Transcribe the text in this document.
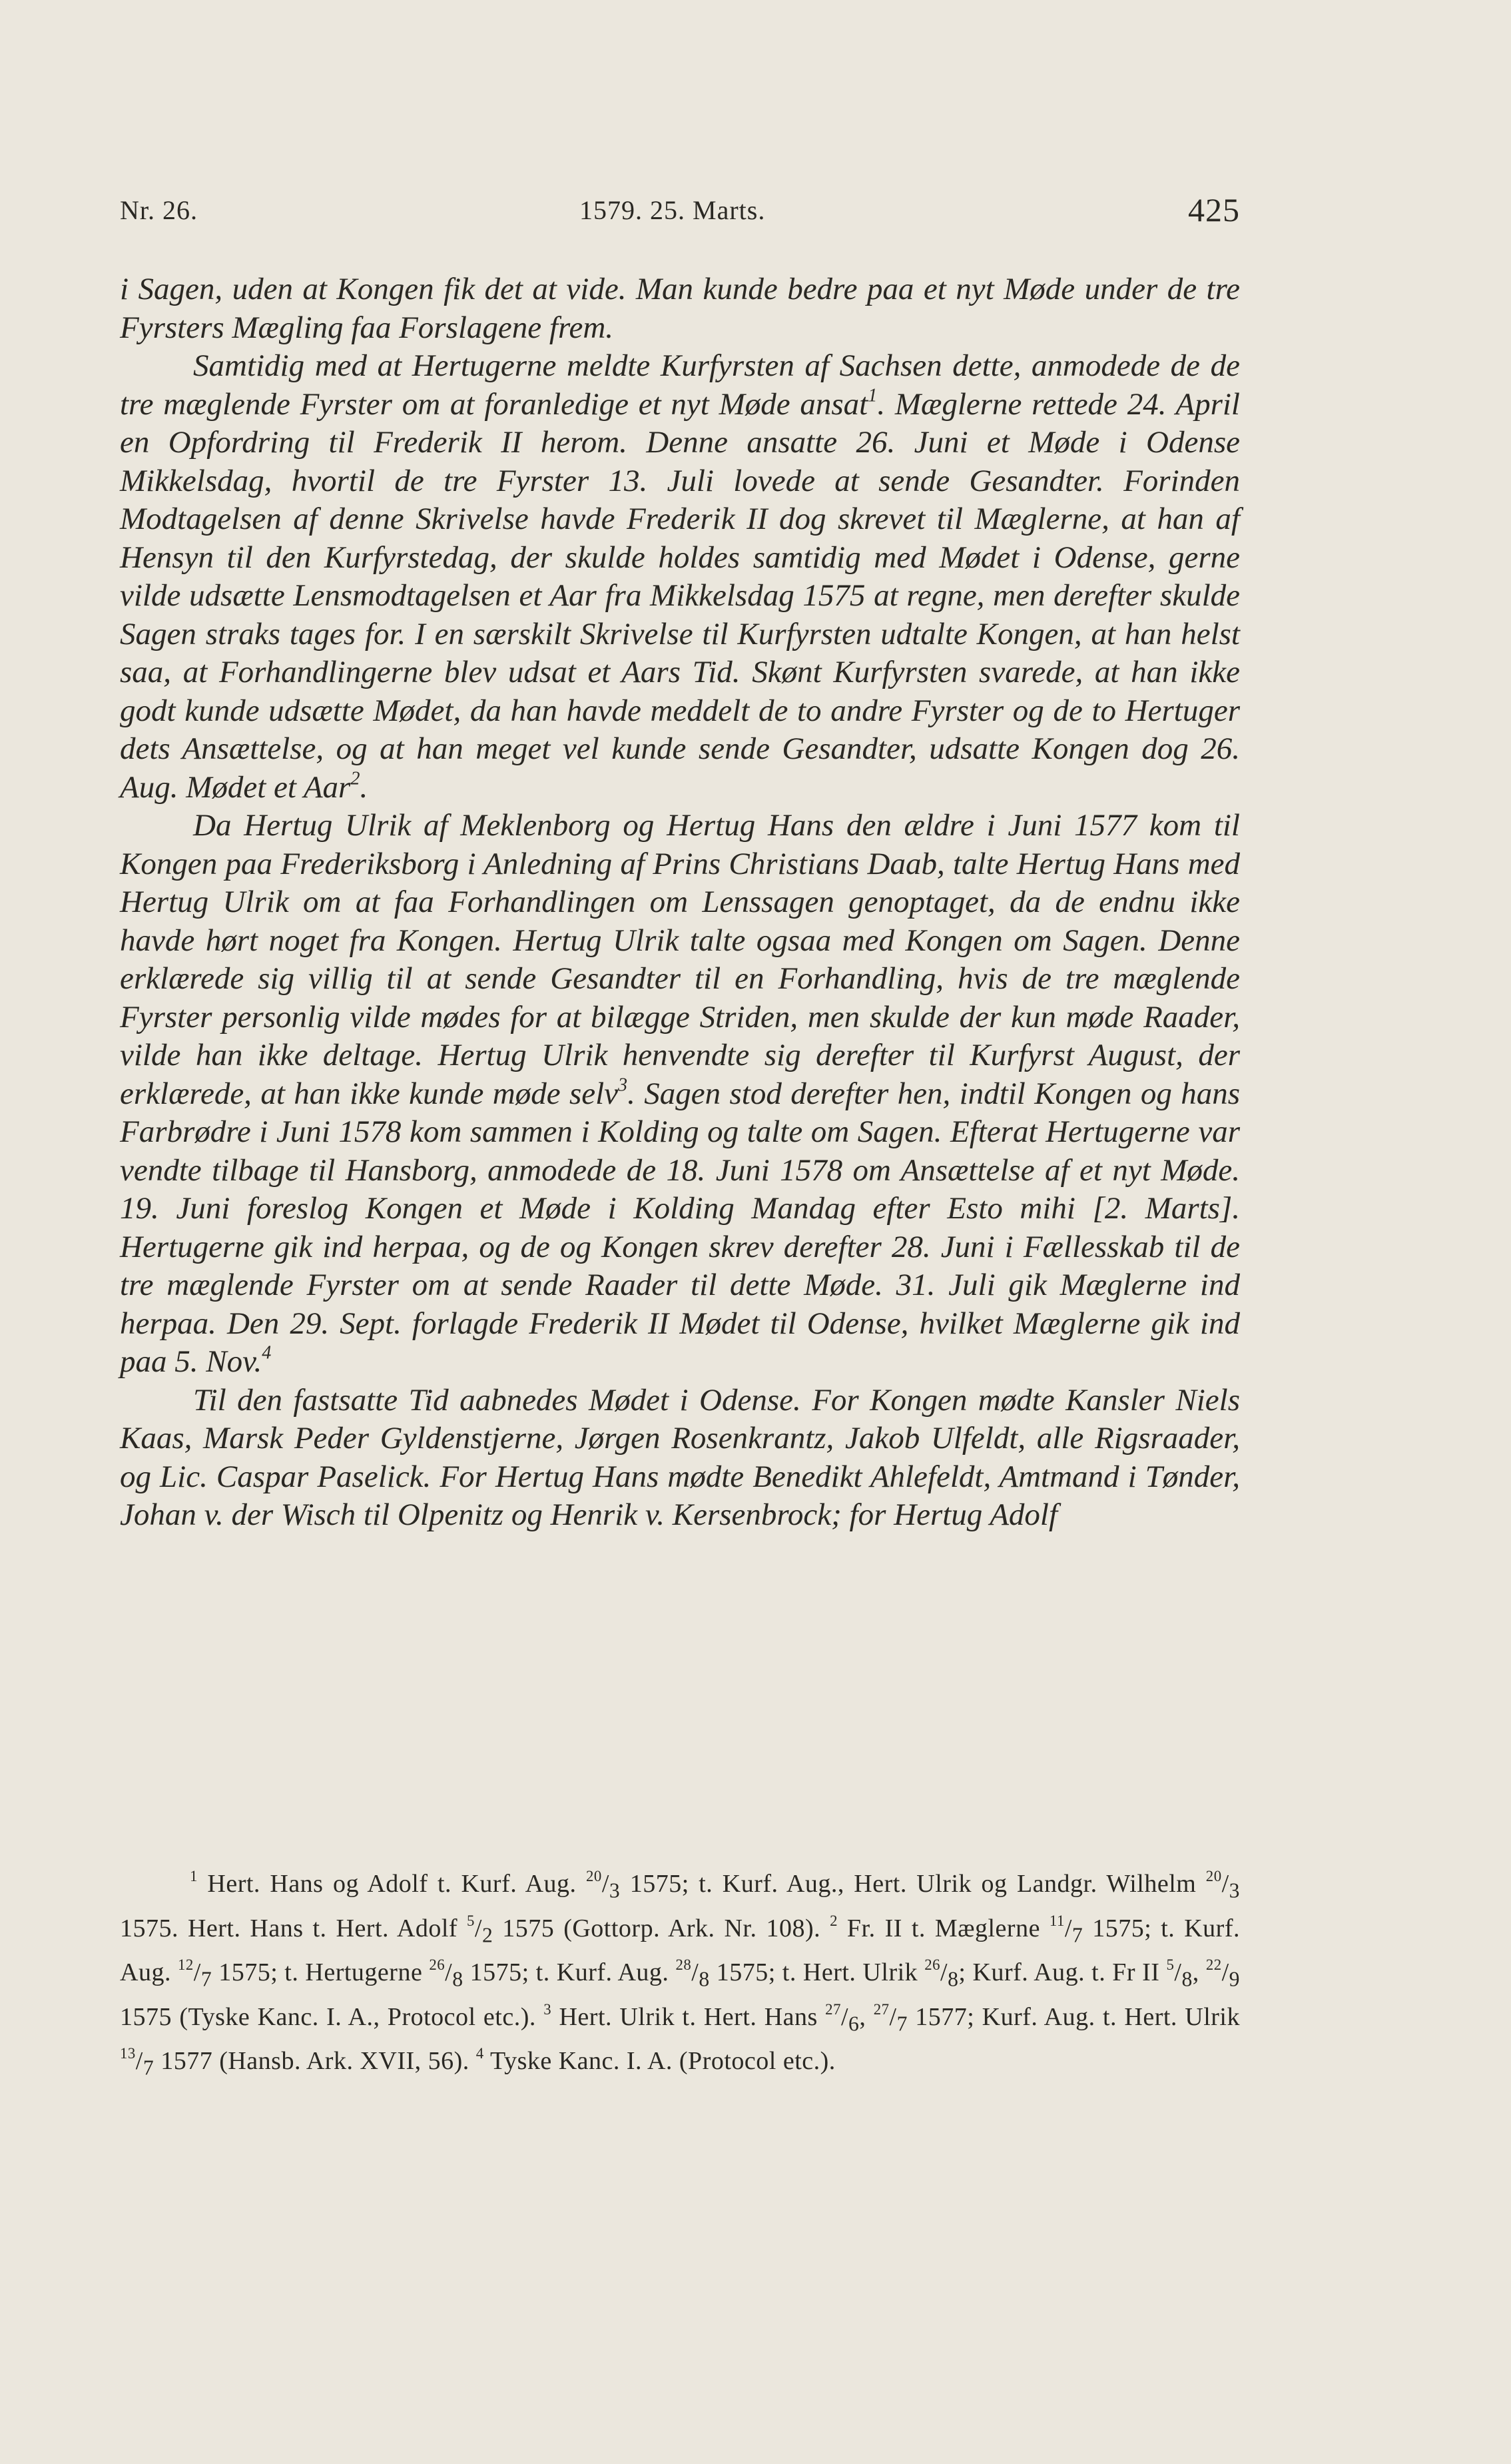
Nr. 26.	1579. 25. Marts.	425

i Sagen, uden at Kongen fik det at vide. Man kunde bedre paa et nyt Møde under de tre Fyrsters Mægling faa Forslagene frem.

Samtidig med at Hertugerne meldte Kurfyrsten af Sachsen dette, anmodede de de tre mæglende Fyrster om at foranledige et nyt Møde ansat$^1$. Mæglerne rettede 24. April en Opfordring til Frederik II herom. Denne ansatte 26. Juni et Møde i Odense Mikkelsdag, hvortil de tre Fyrster 13. Juli lovede at sende Gesandter. Forinden Modtagelsen af denne Skrivelse havde Frederik II dog skrevet til Mæglerne, at han af Hensyn til den Kurfyrstedag, der skulde holdes samtidig med Mødet i Odense, gerne vilde udsætte Lensmodtagelsen et Aar fra Mikkelsdag 1575 at regne, men derefter skulde Sagen straks tages for. I en særskilt Skrivelse til Kurfyrsten udtalte Kongen, at han helst saa, at Forhandlingerne blev udsat et Aars Tid. Skønt Kurfyrsten svarede, at han ikke godt kunde udsætte Mødet, da han havde meddelt de to andre Fyrster og de to Hertuger dets Ansættelse, og at han meget vel kunde sende Gesandter, udsatte Kongen dog 26. Aug. Mødet et Aar$^2$.

Da Hertug Ulrik af Meklenborg og Hertug Hans den ældre i Juni 1577 kom til Kongen paa Frederiksborg i Anledning af Prins Christians Daab, talte Hertug Hans med Hertug Ulrik om at faa Forhandlingen om Lenssagen genoptaget, da de endnu ikke havde hørt noget fra Kongen. Hertug Ulrik talte ogsaa med Kongen om Sagen. Denne erklærede sig villig til at sende Gesandter til en Forhandling, hvis de tre mæglende Fyrster personlig vilde mødes for at bilægge Striden, men skulde der kun møde Raader, vilde han ikke deltage. Hertug Ulrik henvendte sig derefter til Kurfyrst August, der erklærede, at han ikke kunde møde selv$^3$. Sagen stod derefter hen, indtil Kongen og hans Farbrødre i Juni 1578 kom sammen i Kolding og talte om Sagen. Efterat Hertugerne var vendte tilbage til Hansborg, anmodede de 18. Juni 1578 om Ansættelse af et nyt Møde. 19. Juni foreslog Kongen et Møde i Kolding Mandag efter Esto mihi [2. Marts]. Hertugerne gik ind herpaa, og de og Kongen skrev derefter 28. Juni i Fællesskab til de tre mæglende Fyrster om at sende Raader til dette Møde. 31. Juli gik Mæglerne ind herpaa. Den 29. Sept. forlagde Frederik II Mødet til Odense, hvilket Mæglerne gik ind paa 5. Nov.$^4$

Til den fastsatte Tid aabnedes Mødet i Odense. For Kongen mødte Kansler Niels Kaas, Marsk Peder Gyldenstjerne, Jørgen Rosenkrantz, Jakob Ulfeldt, alle Rigsraader, og Lic. Caspar Paselick. For Hertug Hans mødte Benedikt Ahlefeldt, Amtmand i Tønder, Johan v. der Wisch til Olpenitz og Henrik v. Kersenbrock; for Hertug Adolf

$^1$ Hert. Hans og Adolf t. Kurf. Aug. $^{20}/_3$ 1575; t. Kurf. Aug., Hert. Ulrik og Landgr. Wilhelm $^{20}/_3$ 1575. Hert. Hans t. Hert. Adolf $^5/_2$ 1575 (Gottorp. Ark. Nr. 108). $^2$ Fr. II t. Mæglerne $^{11}/_7$ 1575; t. Kurf. Aug. $^{12}/_7$ 1575; t. Hertugerne $^{26}/_8$ 1575; t. Kurf. Aug. $^{28}/_8$ 1575; t. Hert. Ulrik $^{26}/_8$; Kurf. Aug. t. Fr II $^5/_8$, $^{22}/_9$ 1575 (Tyske Kanc. I. A., Protocol etc.). $^3$ Hert. Ulrik t. Hert. Hans $^{27}/_6$, $^{27}/_7$ 1577; Kurf. Aug. t. Hert. Ulrik $^{13}/_7$ 1577 (Hansb. Ark. XVII, 56). $^4$ Tyske Kanc. I. A. (Protocol etc.).
